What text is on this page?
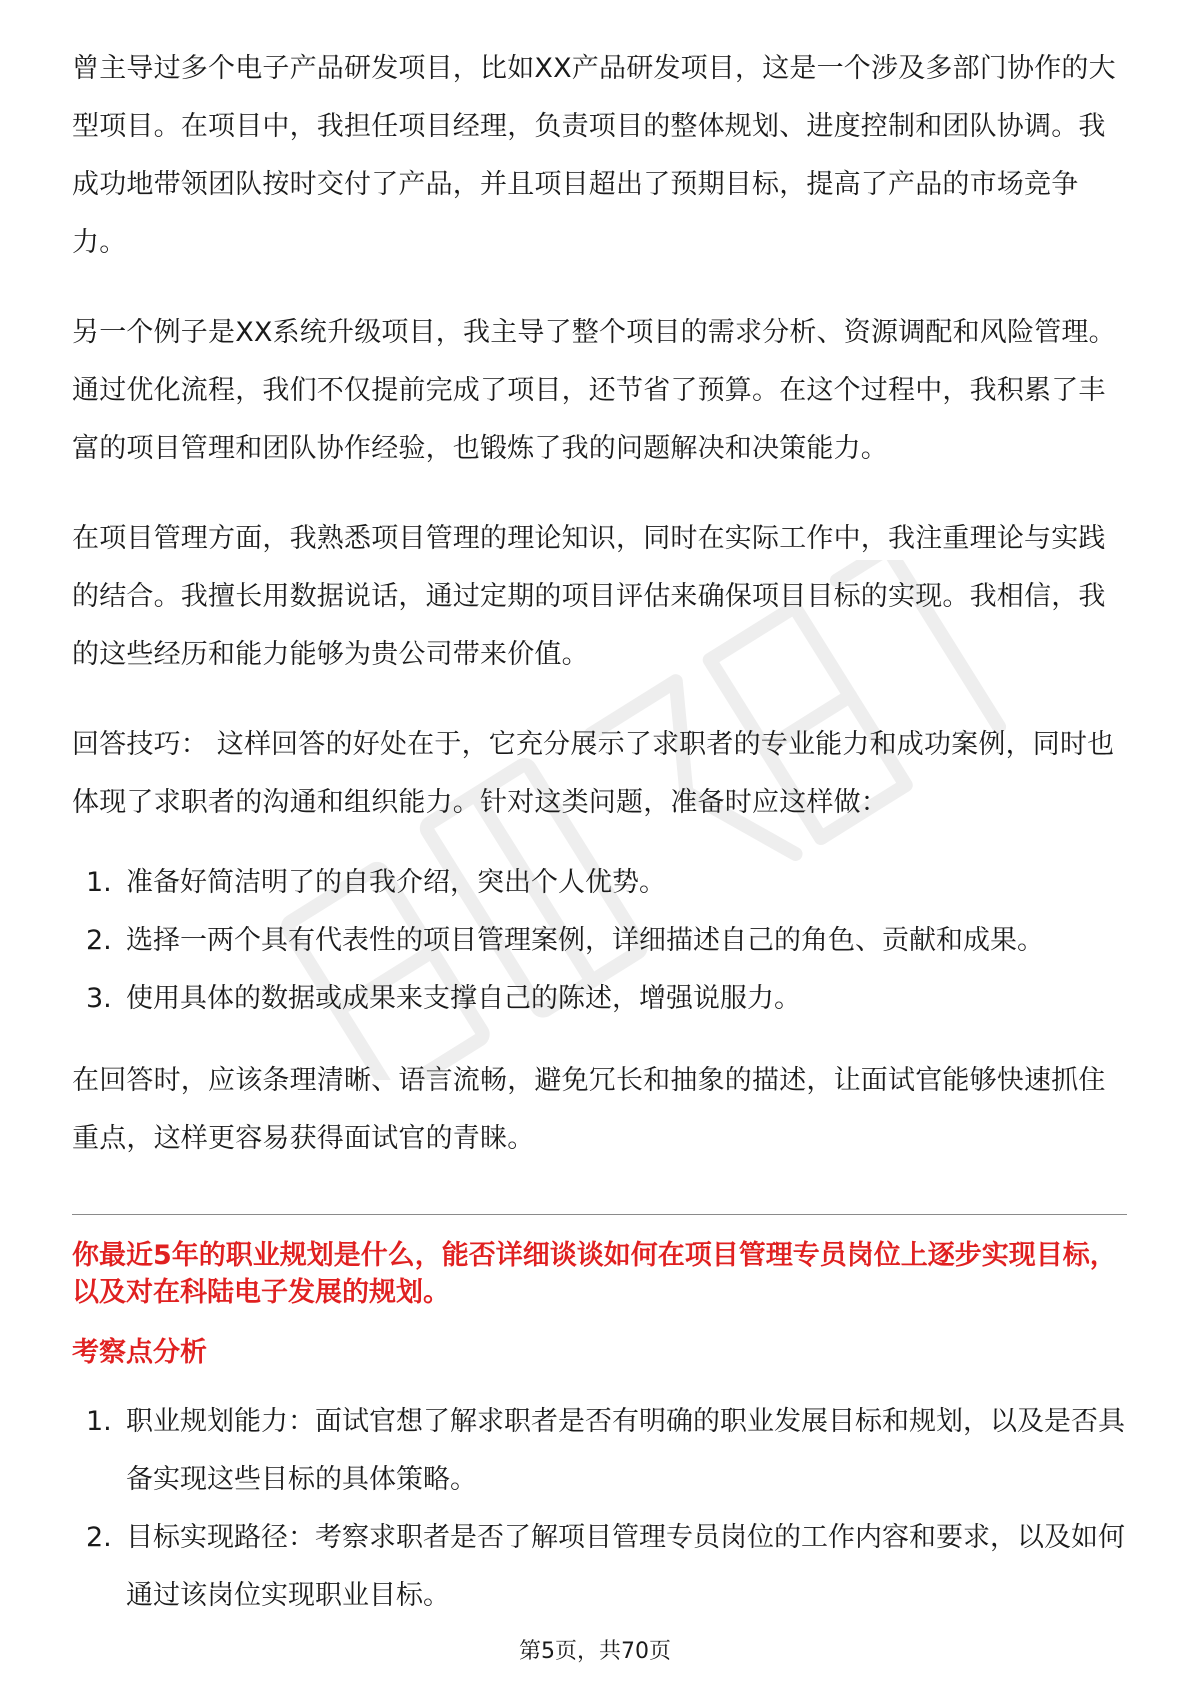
曾主导过多个电子产品研发项目，比如XX产品研发项目，这是一个涉及多部门协作的大型项目。在项目中，我担任项目经理，负责项目的整体规划、进度控制和团队协调。我成功地带领团队按时交付了产品，并且项目超出了预期目标，提高了产品的市场竞争力。

另一个例子是XX系统升级项目，我主导了整个项目的需求分析、资源调配和风险管理。通过优化流程，我们不仅提前完成了项目，还节省了预算。在这个过程中，我积累了丰富的项目管理和团队协作经验，也锻炼了我的问题解决和决策能力。

在项目管理方面，我熟悉项目管理的理论知识，同时在实际工作中，我注重理论与实践的结合。我擅长用数据说话，通过定期的项目评估来确保项目目标的实现。我相信，我的这些经历和能力能够为贵公司带来价值。

回答技巧： 这样回答的好处在于，它充分展示了求职者的专业能力和成功案例，同时也体现了求职者的沟通和组织能力。针对这类问题，准备时应这样做：

1. 准备好简洁明了的自我介绍，突出个人优势。
2. 选择一两个具有代表性的项目管理案例，详细描述自己的角色、贡献和成果。
3. 使用具体的数据或成果来支撑自己的陈述，增强说服力。

在回答时，应该条理清晰、语言流畅，避免冗长和抽象的描述，让面试官能够快速抓住重点，这样更容易获得面试官的青睐。

你最近5年的职业规划是什么，能否详细谈谈如何在项目管理专员岗位上逐步实现目标，以及对在科陆电子发展的规划。
考察点分析
1. 职业规划能力：面试官想了解求职者是否有明确的职业发展目标和规划，以及是否具备实现这些目标的具体策略。
2. 目标实现路径：考察求职者是否了解项目管理专员岗位的工作内容和要求，以及如何通过该岗位实现职业目标。
第5页，共70页
